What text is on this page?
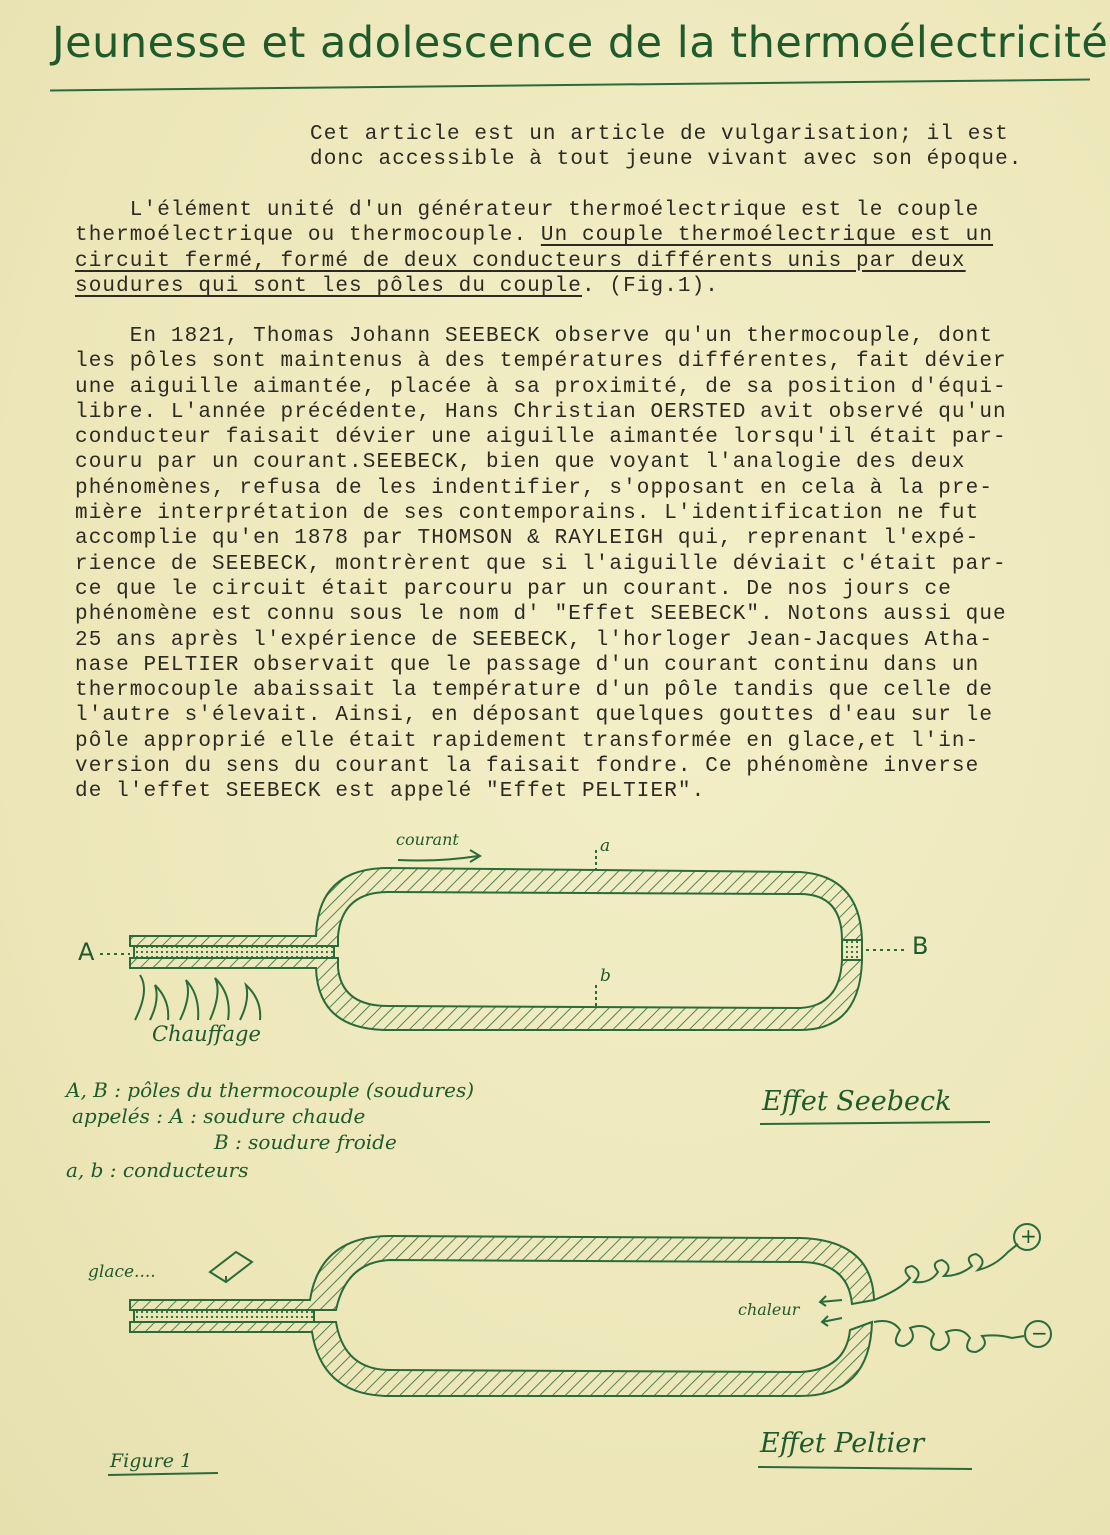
Jeunesse et adolescence de la thermoélectricité
Cet article est un article de vulgarisation; il est
donc accessible à tout jeune vivant avec son époque.
L'élément unité d'un générateur thermoélectrique est le couple
thermoélectrique ou thermocouple. Un couple thermoélectrique est un
circuit fermé, formé de deux conducteurs différents unis par deux
soudures qui sont les pôles du couple. (Fig.1).
En 1821, Thomas Johann SEEBECK observe qu'un thermocouple, dont
les pôles sont maintenus à des températures différentes, fait dévier
une aiguille aimantée, placée à sa proximité, de sa position d'équi-
libre. L'année précédente, Hans Christian OERSTED avit observé qu'un
conducteur faisait dévier une aiguille aimantée lorsqu'il était par-
couru par un courant.SEEBECK, bien que voyant l'analogie des deux
phénomènes, refusa de les indentifier, s'opposant en cela à la pre-
mière interprétation de ses contemporains. L'identification ne fut
accomplie qu'en 1878 par THOMSON & RAYLEIGH qui, reprenant l'expé-
rience de SEEBECK, montrèrent que si l'aiguille déviait c'était par-
ce que le circuit était parcouru par un courant. De nos jours ce
phénomène est connu sous le nom d' "Effet SEEBECK". Notons aussi que
25 ans après l'expérience de SEEBECK, l'horloger Jean-Jacques Atha-
nase PELTIER observait que le passage d'un courant continu dans un
thermocouple abaissait la température d'un pôle tandis que celle de
l'autre s'élevait. Ainsi, en déposant quelques gouttes d'eau sur le
pôle approprié elle était rapidement transformée en glace,et l'in-
version du sens du courant la faisait fondre. Ce phénomène inverse
de l'effet SEEBECK est appelé "Effet PELTIER".
courant	a
b
A	B
Chauffage
A, B : pôles du thermocouple (soudures)
appelés : A : soudure chaude
B : soudure froide
a, b : conducteurs
Effet Seebeck
glace....
chaleur
+
−
Effet Peltier
Figure 1
